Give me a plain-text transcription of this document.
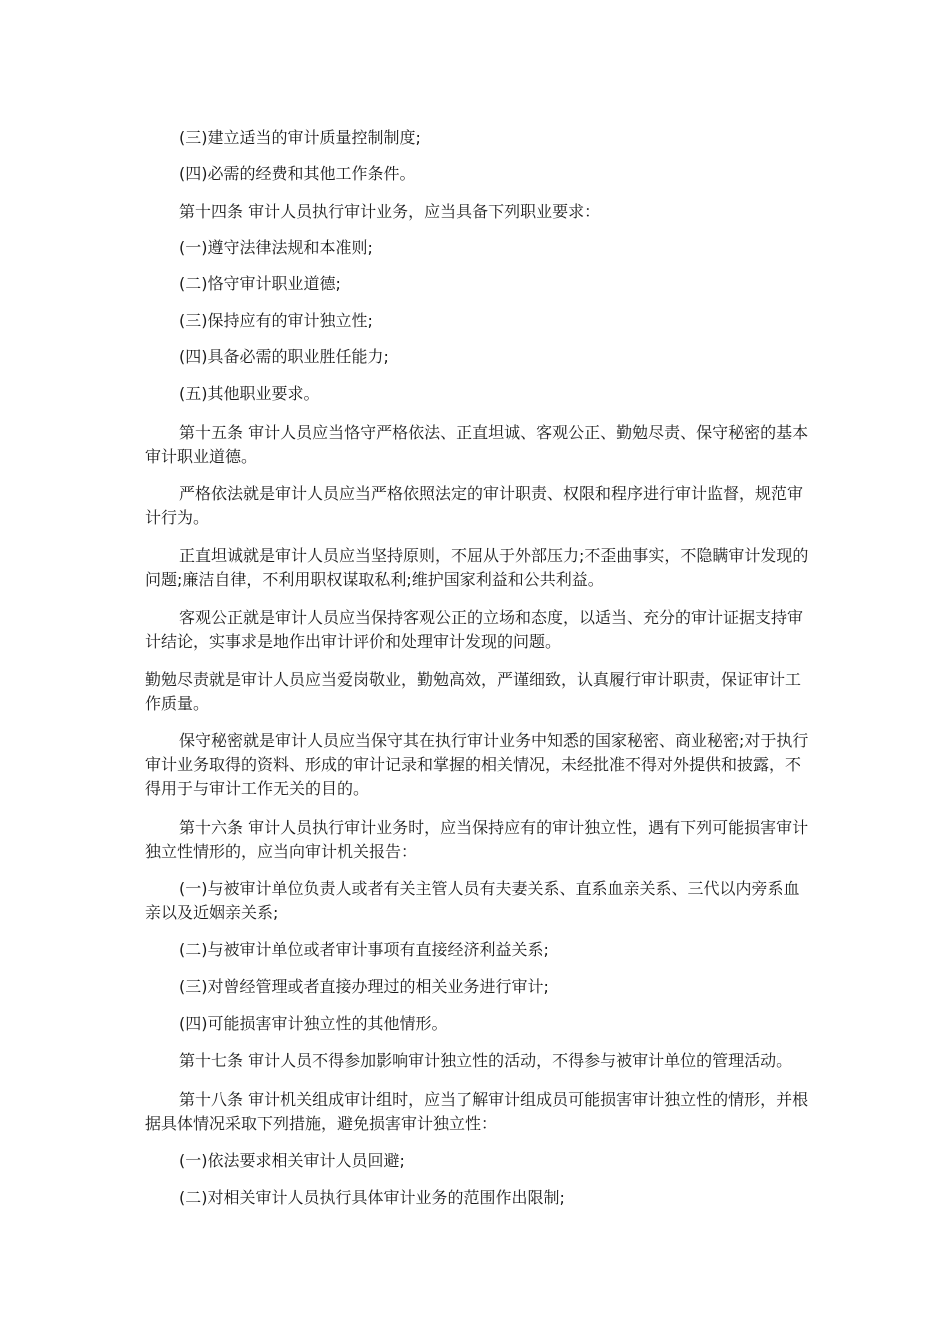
(三)建立适当的审计质量控制制度;

(四)必需的经费和其他工作条件。

第十四条 审计人员执行审计业务，应当具备下列职业要求：

(一)遵守法律法规和本准则;

(二)恪守审计职业道德;

(三)保持应有的审计独立性;

(四)具备必需的职业胜任能力;

(五)其他职业要求。

第十五条 审计人员应当恪守严格依法、正直坦诚、客观公正、勤勉尽责、保守秘密的基本审计职业道德。

严格依法就是审计人员应当严格依照法定的审计职责、权限和程序进行审计监督，规范审计行为。

正直坦诚就是审计人员应当坚持原则，不屈从于外部压力;不歪曲事实，不隐瞒审计发现的问题;廉洁自律，不利用职权谋取私利;维护国家利益和公共利益。

客观公正就是审计人员应当保持客观公正的立场和态度，以适当、充分的审计证据支持审计结论，实事求是地作出审计评价和处理审计发现的问题。

勤勉尽责就是审计人员应当爱岗敬业，勤勉高效，严谨细致，认真履行审计职责，保证审计工作质量。

保守秘密就是审计人员应当保守其在执行审计业务中知悉的国家秘密、商业秘密;对于执行审计业务取得的资料、形成的审计记录和掌握的相关情况，未经批准不得对外提供和披露，不得用于与审计工作无关的目的。

第十六条 审计人员执行审计业务时，应当保持应有的审计独立性，遇有下列可能损害审计独立性情形的，应当向审计机关报告：

(一)与被审计单位负责人或者有关主管人员有夫妻关系、直系血亲关系、三代以内旁系血亲以及近姻亲关系;

(二)与被审计单位或者审计事项有直接经济利益关系;

(三)对曾经管理或者直接办理过的相关业务进行审计;

(四)可能损害审计独立性的其他情形。

第十七条 审计人员不得参加影响审计独立性的活动，不得参与被审计单位的管理活动。

第十八条 审计机关组成审计组时，应当了解审计组成员可能损害审计独立性的情形，并根据具体情况采取下列措施，避免损害审计独立性：

(一)依法要求相关审计人员回避;

(二)对相关审计人员执行具体审计业务的范围作出限制;
